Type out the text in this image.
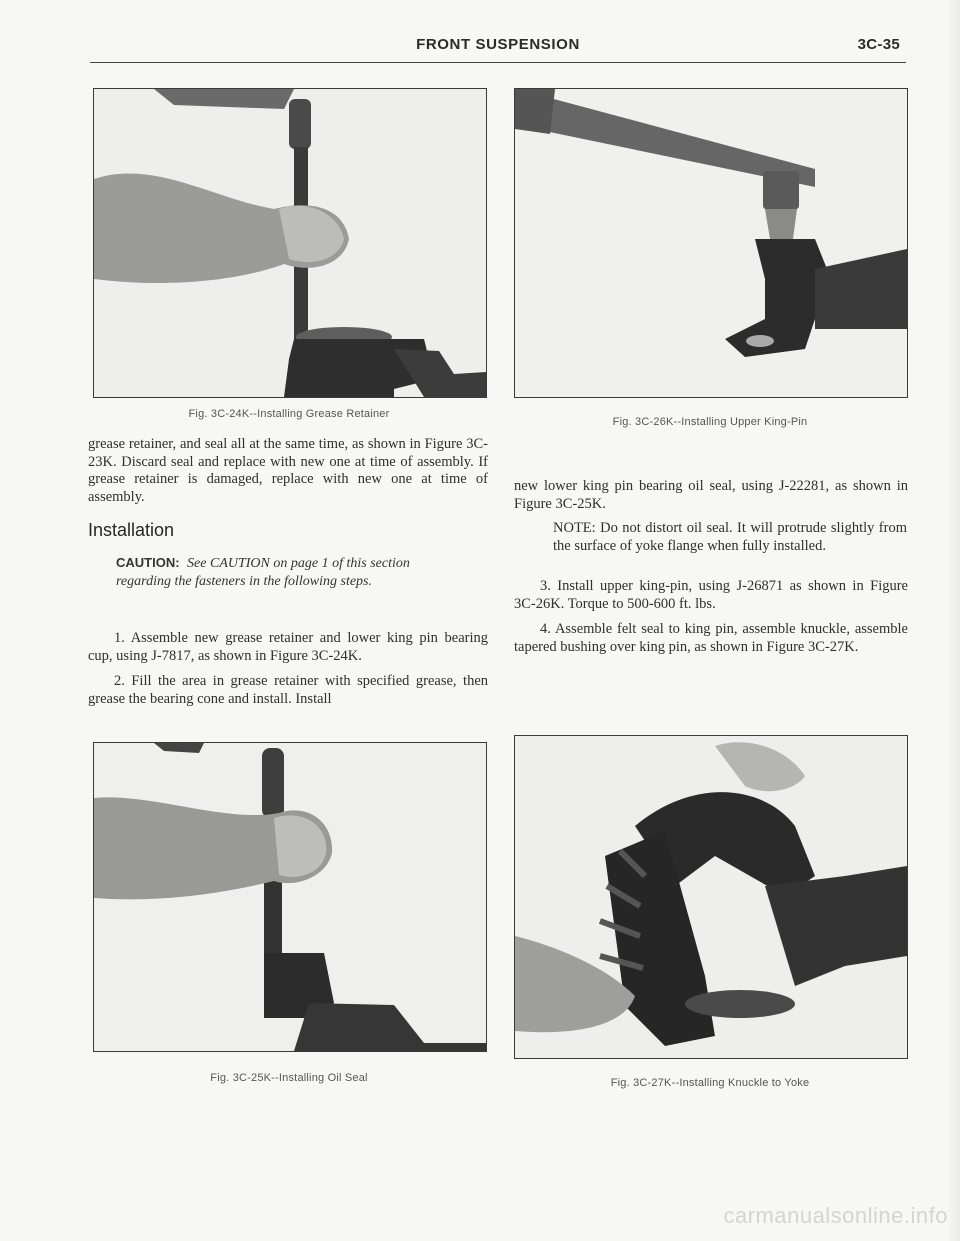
FRONT SUSPENSION	3C-35
Fig. 3C-24K--Installing Grease Retainer
Fig. 3C-26K--Installing Upper King-Pin

grease retainer, and seal all at the same time, as shown in Figure 3C-23K. Discard seal and replace with new one at time of assembly. If grease retainer is damaged, replace with new one at time of assembly.

Installation
CAUTION: See CAUTION on page 1 of this section regarding the fasteners in the following steps.

1. Assemble new grease retainer and lower king pin bearing cup, using J-7817, as shown in Figure 3C-24K.

2. Fill the area in grease retainer with specified grease, then grease the bearing cone and install. Install

new lower king pin bearing oil seal, using J-22281, as shown in Figure 3C-25K.

NOTE: Do not distort oil seal. It will protrude slightly from the surface of yoke flange when fully installed.

3. Install upper king-pin, using J-26871 as shown in Figure 3C-26K. Torque to 500-600 ft. lbs.

4. Assemble felt seal to king pin, assemble knuckle, assemble tapered bushing over king pin, as shown in Figure 3C-27K.

Fig. 3C-25K--Installing Oil Seal	Fig. 3C-27K--Installing Knuckle to Yoke
carmanualsonline.info
